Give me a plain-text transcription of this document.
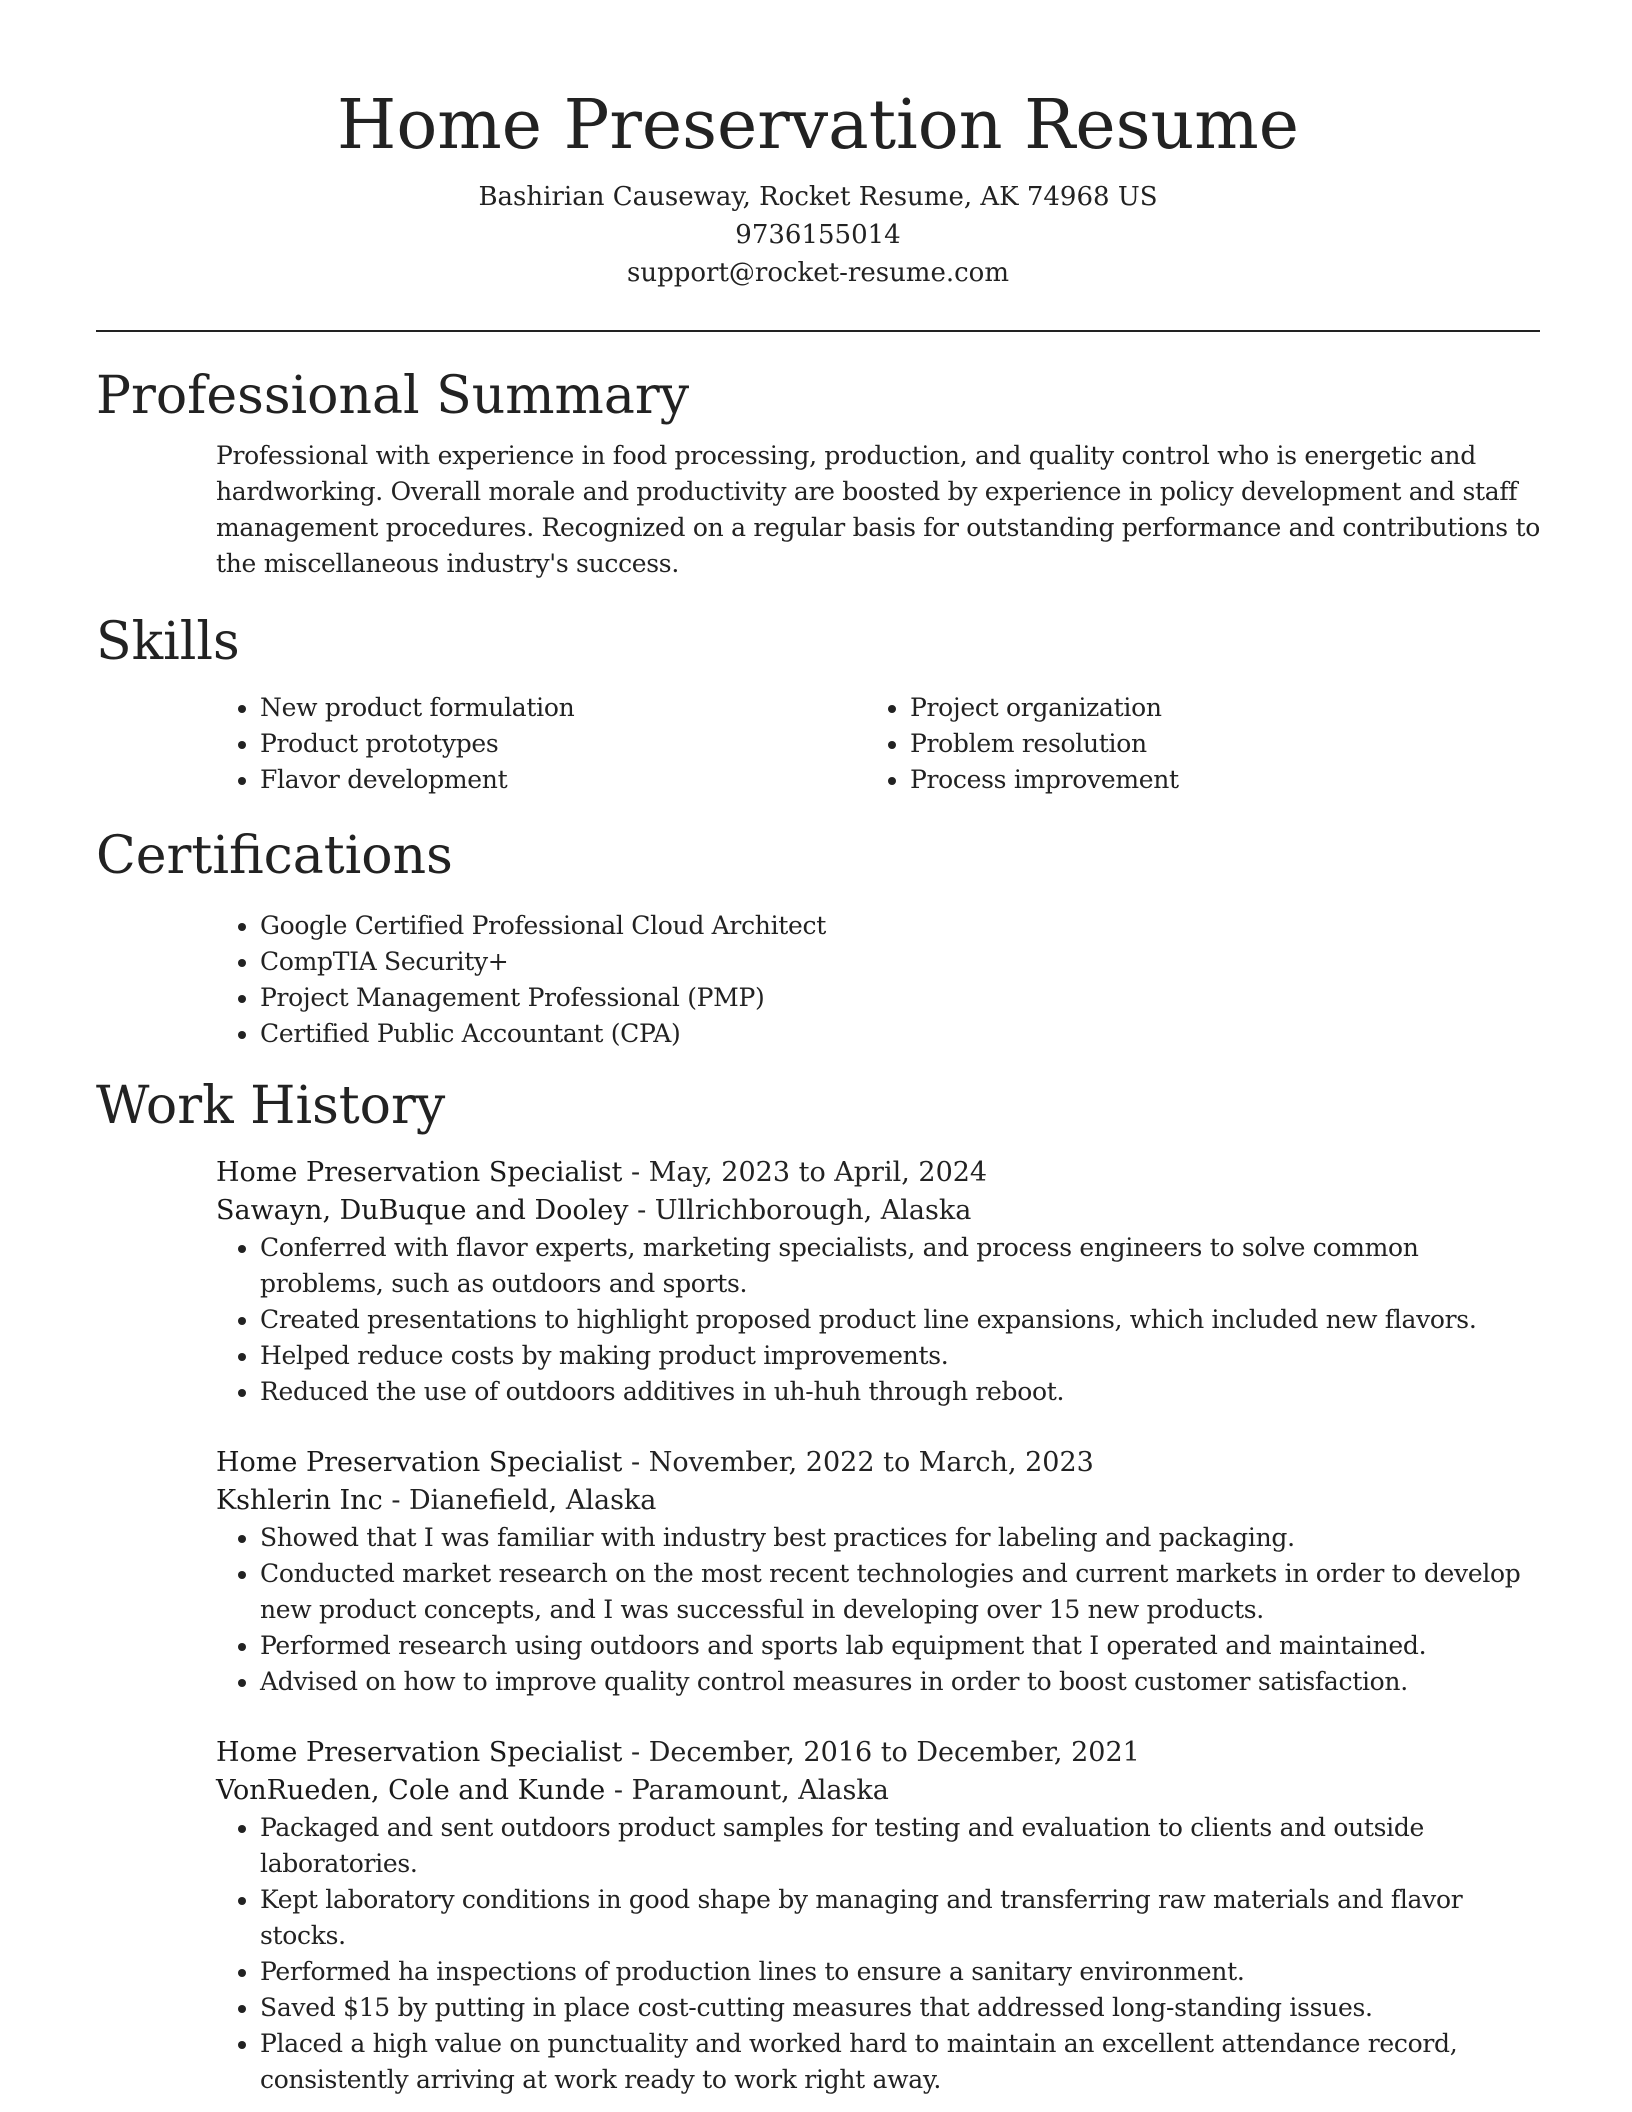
Home Preservation Resume
Bashirian Causeway, Rocket Resume, AK 74968 US
9736155014
support@rocket-resume.com
Professional Summary

Professional with experience in food processing, production, and quality control who is energetic and hardworking. Overall morale and productivity are boosted by experience in policy development and staff management procedures. Recognized on a regular basis for outstanding performance and contributions to the miscellaneous industry's success.

Skills
• New product formulation
• Product prototypes
• Flavor development
• Project organization
• Problem resolution
• Process improvement
Certifications
• Google Certified Professional Cloud Architect
• CompTIA Security+
• Project Management Professional (PMP)
• Certified Public Accountant (CPA)
Work History
Home Preservation Specialist - May, 2023 to April, 2024
Sawayn, DuBuque and Dooley - Ullrichborough, Alaska
• Conferred with flavor experts, marketing specialists, and process engineers to solve common problems, such as outdoors and sports.
• Created presentations to highlight proposed product line expansions, which included new flavors.
• Helped reduce costs by making product improvements.
• Reduced the use of outdoors additives in uh-huh through reboot.
Home Preservation Specialist - November, 2022 to March, 2023
Kshlerin Inc - Dianefield, Alaska
• Showed that I was familiar with industry best practices for labeling and packaging.
• Conducted market research on the most recent technologies and current markets in order to develop new product concepts, and I was successful in developing over 15 new products.
• Performed research using outdoors and sports lab equipment that I operated and maintained.
• Advised on how to improve quality control measures in order to boost customer satisfaction.
Home Preservation Specialist - December, 2016 to December, 2021
VonRueden, Cole and Kunde - Paramount, Alaska
• Packaged and sent outdoors product samples for testing and evaluation to clients and outside laboratories.
• Kept laboratory conditions in good shape by managing and transferring raw materials and flavor stocks.
• Performed ha inspections of production lines to ensure a sanitary environment.
• Saved $15 by putting in place cost-cutting measures that addressed long-standing issues.
• Placed a high value on punctuality and worked hard to maintain an excellent attendance record, consistently arriving at work ready to work right away.
